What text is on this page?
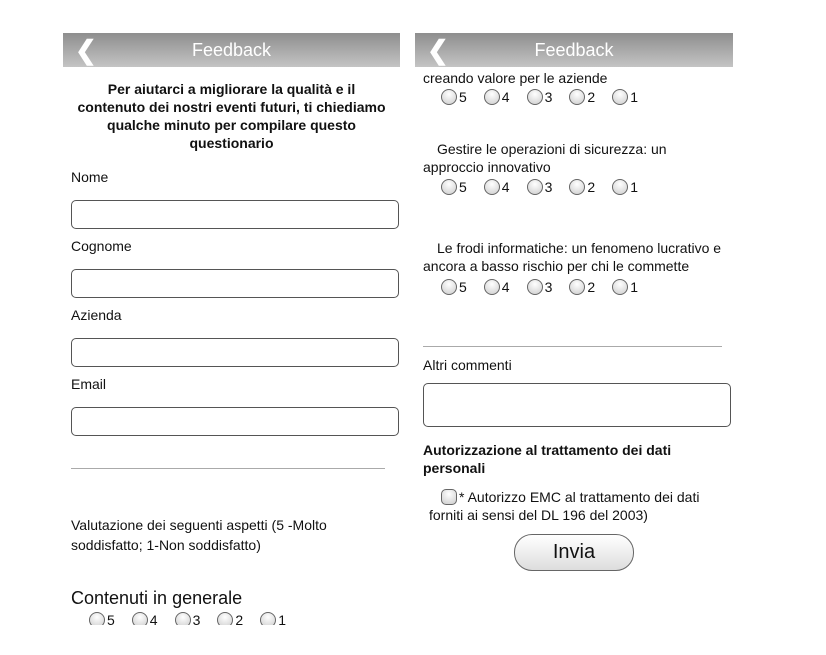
❮	Feedback
Per aiutarci a migliorare la qualità e il contenuto dei nostri eventi futuri, ti chiediamo qualche minuto per compilare questo questionario
Nome
Cognome
Azienda
Email
Valutazione dei seguenti aspetti (5 -Molto soddisfatto; 1-Non soddisfatto)
Contenuti in generale
5	4	3	2	1
❮	Feedback
creando valore per le aziende
5	4	3	2	1
Gestire le operazioni di sicurezza: un approccio innovativo
5	4	3	2	1
Le frodi informatiche: un fenomeno lucrativo e ancora a basso rischio per chi le commette
5	4	3	2	1
Altri commenti
Autorizzazione al trattamento dei dati personali
* Autorizzo EMC al trattamento dei dati forniti ai sensi del DL 196 del 2003)
Invia
